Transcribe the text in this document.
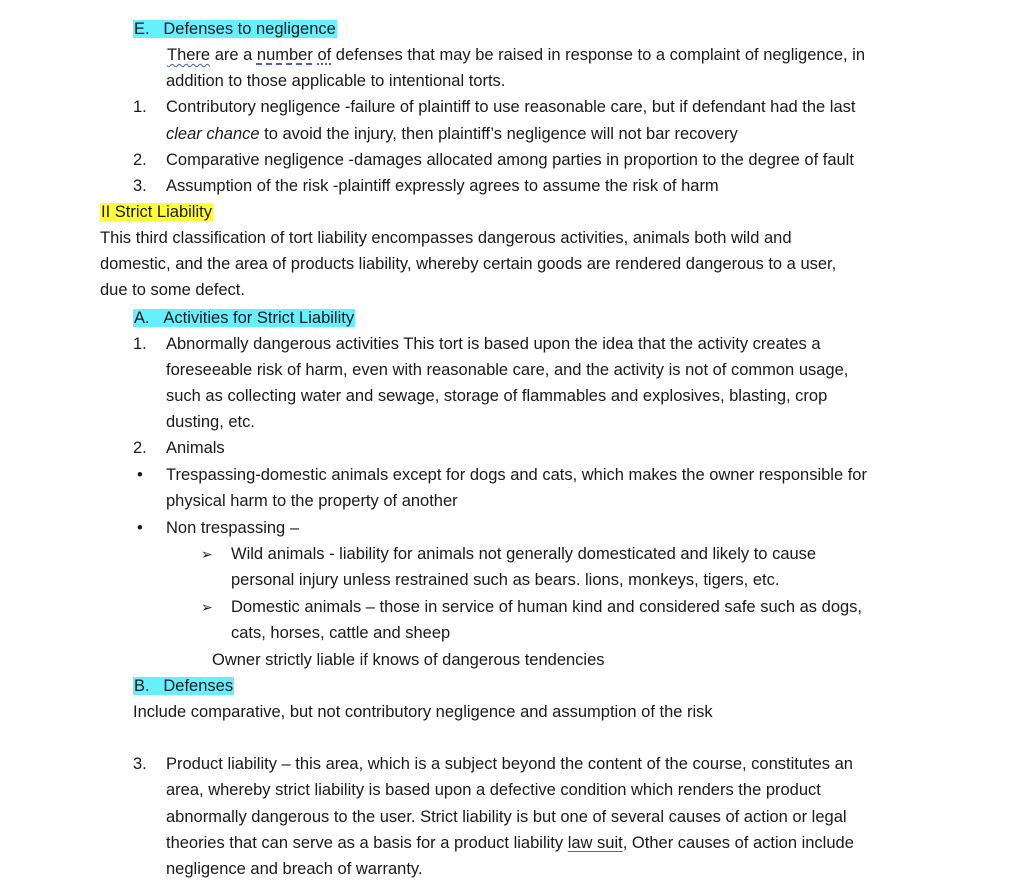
E. Defenses to negligence
There are a number of defenses that may be raised in response to a complaint of negligence, in
addition to those applicable to intentional torts.
1. Contributory negligence -failure of plaintiff to use reasonable care, but if defendant had the last
clear chance to avoid the injury, then plaintiff’s negligence will not bar recovery
2. Comparative negligence -damages allocated among parties in proportion to the degree of fault
3. Assumption of the risk -plaintiff expressly agrees to assume the risk of harm
II Strict Liability
This third classification of tort liability encompasses dangerous activities, animals both wild and
domestic, and the area of products liability, whereby certain goods are rendered dangerous to a user,
due to some defect.
A. Activities for Strict Liability
1. Abnormally dangerous activities This tort is based upon the idea that the activity creates a
foreseeable risk of harm, even with reasonable care, and the activity is not of common usage,
such as collecting water and sewage, storage of flammables and explosives, blasting, crop
dusting, etc.
2. Animals
• Trespassing-domestic animals except for dogs and cats, which makes the owner responsible for
physical harm to the property of another
• Non trespassing –
➢ Wild animals - liability for animals not generally domesticated and likely to cause
personal injury unless restrained such as bears. lions, monkeys, tigers, etc.
➢ Domestic animals – those in service of human kind and considered safe such as dogs,
cats, horses, cattle and sheep
Owner strictly liable if knows of dangerous tendencies
B. Defenses
Include comparative, but not contributory negligence and assumption of the risk
3. Product liability – this area, which is a subject beyond the content of the course, constitutes an
area, whereby strict liability is based upon a defective condition which renders the product
abnormally dangerous to the user. Strict liability is but one of several causes of action or legal
theories that can serve as a basis for a product liability law suit, Other causes of action include
negligence and breach of warranty.
